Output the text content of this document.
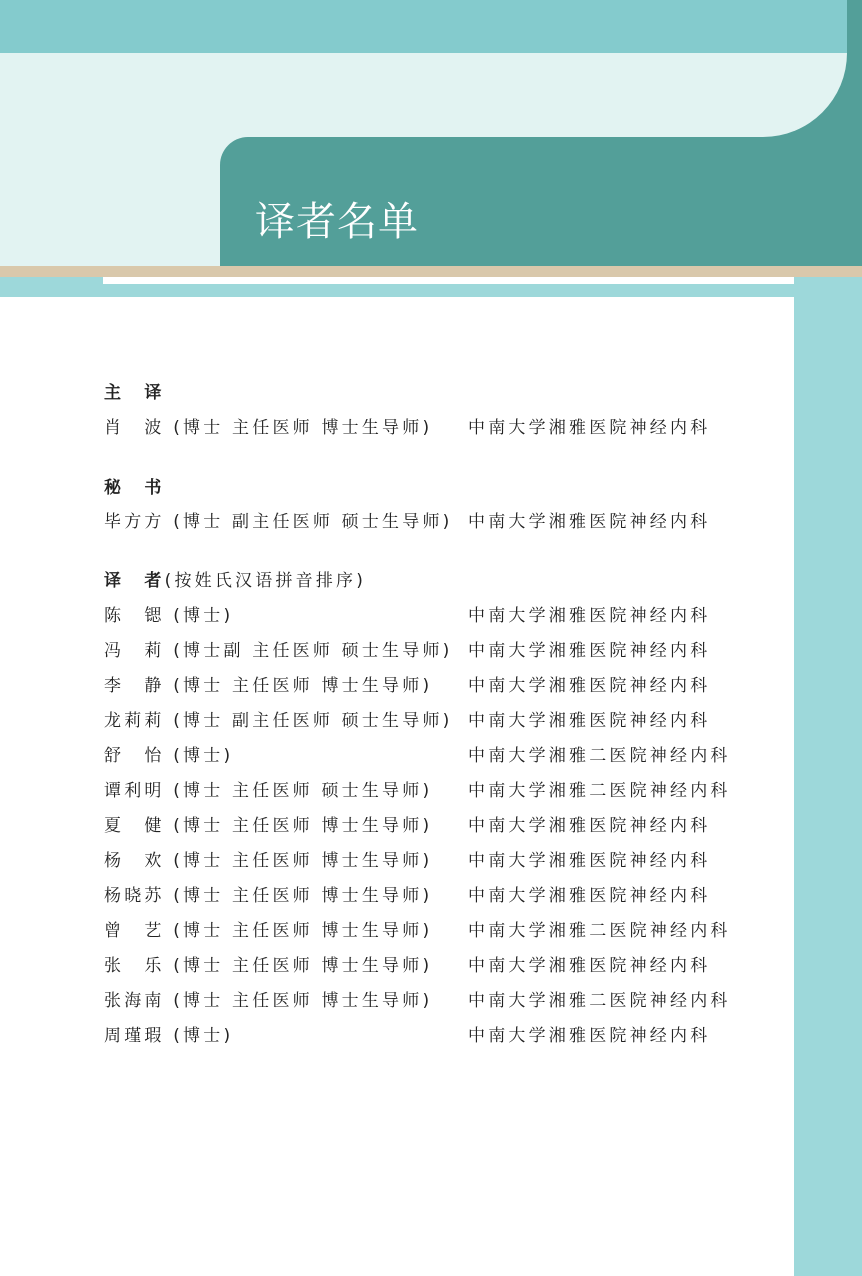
译者名单
主　译
肖　波 (博士 主任医师 博士生导师) 中南大学湘雅医院神经内科
秘　书
毕方方 (博士 副主任医师 硕士生导师) 中南大学湘雅医院神经内科
译　者(按姓氏汉语拼音排序)
陈　锶 (博士)	中南大学湘雅医院神经内科
冯　莉 (博士副 主任医师 硕士生导师) 中南大学湘雅医院神经内科
李　静 (博士 主任医师 博士生导师) 中南大学湘雅医院神经内科
龙莉莉 (博士 副主任医师 硕士生导师) 中南大学湘雅医院神经内科
舒　怡 (博士)	中南大学湘雅二医院神经内科
谭利明 (博士 主任医师 硕士生导师) 中南大学湘雅二医院神经内科
夏　健 (博士 主任医师 博士生导师) 中南大学湘雅医院神经内科
杨　欢 (博士 主任医师 博士生导师) 中南大学湘雅医院神经内科
杨晓苏 (博士 主任医师 博士生导师) 中南大学湘雅医院神经内科
曾　艺 (博士 主任医师 博士生导师) 中南大学湘雅二医院神经内科
张　乐 (博士 主任医师 博士生导师) 中南大学湘雅医院神经内科
张海南 (博士 主任医师 博士生导师) 中南大学湘雅二医院神经内科
周瑾瑕 (博士)	中南大学湘雅医院神经内科
